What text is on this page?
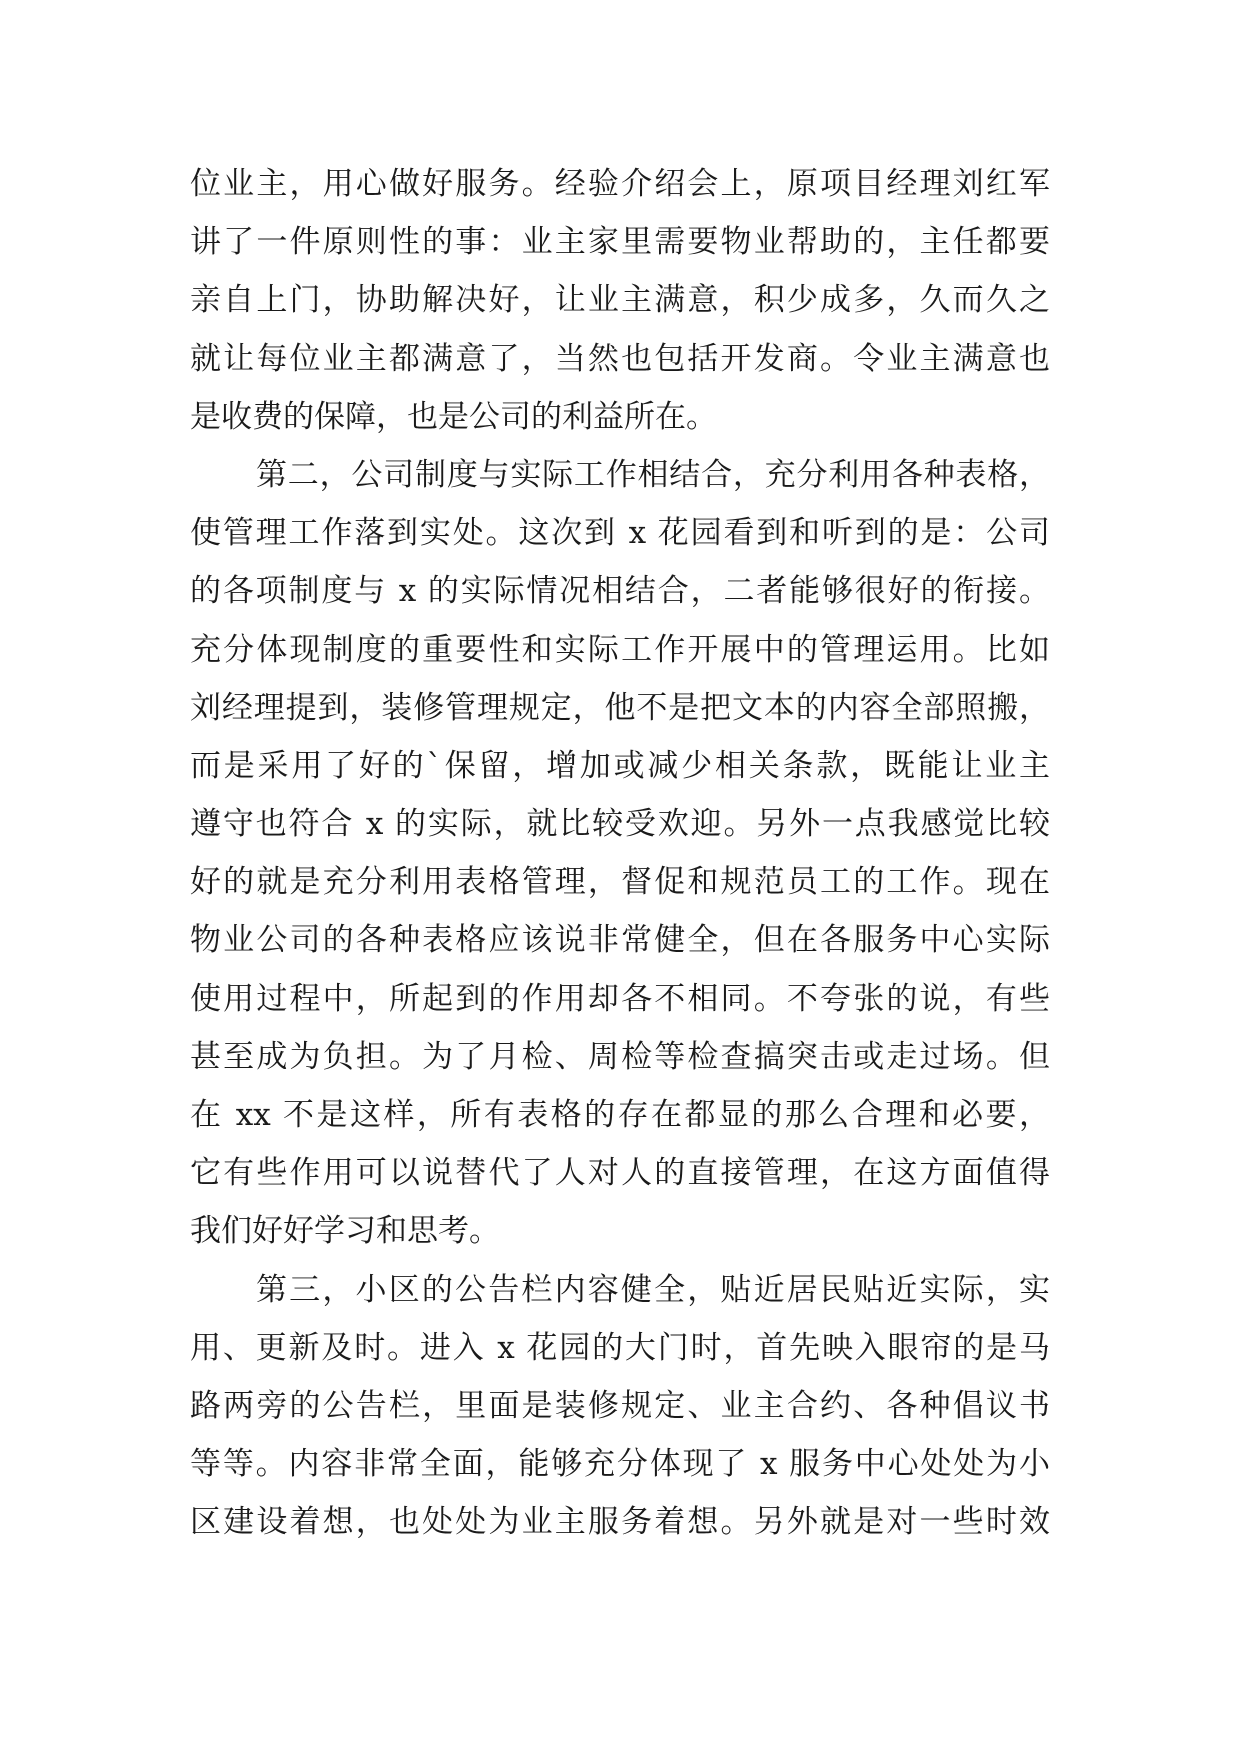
位业主，用心做好服务。经验介绍会上，原项目经理刘红军
讲了一件原则性的事：业主家里需要物业帮助的，主任都要
亲自上门，协助解决好，让业主满意，积少成多，久而久之
就让每位业主都满意了，当然也包括开发商。令业主满意也
是收费的保障，也是公司的利益所在。
第二，公司制度与实际工作相结合，充分利用各种表格，
使管理工作落到实处。这次到 x 花园看到和听到的是：公司
的各项制度与 x 的实际情况相结合，二者能够很好的衔接。
充分体现制度的重要性和实际工作开展中的管理运用。比如
刘经理提到，装修管理规定，他不是把文本的内容全部照搬，
而是采用了好的`保留，增加或减少相关条款，既能让业主
遵守也符合 x 的实际，就比较受欢迎。另外一点我感觉比较
好的就是充分利用表格管理，督促和规范员工的工作。现在
物业公司的各种表格应该说非常健全，但在各服务中心实际
使用过程中，所起到的作用却各不相同。不夸张的说，有些
甚至成为负担。为了月检、周检等检查搞突击或走过场。但
在 xx 不是这样，所有表格的存在都显的那么合理和必要，
它有些作用可以说替代了人对人的直接管理，在这方面值得
我们好好学习和思考。
第三，小区的公告栏内容健全，贴近居民贴近实际，实
用、更新及时。进入 x 花园的大门时，首先映入眼帘的是马
路两旁的公告栏，里面是装修规定、业主合约、各种倡议书
等等。内容非常全面，能够充分体现了 x 服务中心处处为小
区建设着想，也处处为业主服务着想。另外就是对一些时效
